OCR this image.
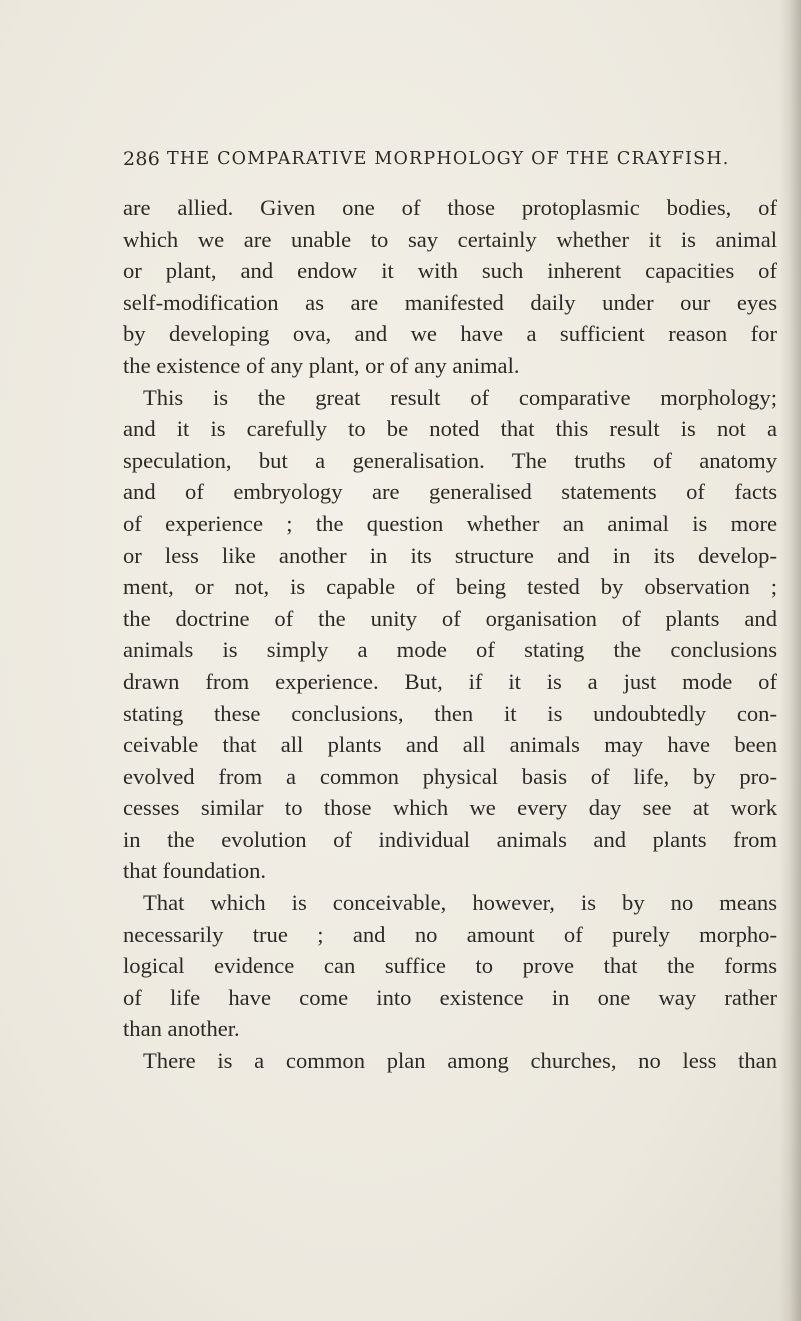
286 THE COMPARATIVE MORPHOLOGY OF THE CRAYFISH.
are allied. Given one of those protoplasmic bodies, of
which we are unable to say certainly whether it is animal
or plant, and endow it with such inherent capacities of
self-modification as are manifested daily under our eyes
by developing ova, and we have a sufficient reason for
the existence of any plant, or of any animal.
This is the great result of comparative morphology;
and it is carefully to be noted that this result is not a
speculation, but a generalisation. The truths of anatomy
and of embryology are generalised statements of facts
of experience ; the question whether an animal is more
or less like another in its structure and in its develop-
ment, or not, is capable of being tested by observation ;
the doctrine of the unity of organisation of plants and
animals is simply a mode of stating the conclusions
drawn from experience. But, if it is a just mode of
stating these conclusions, then it is undoubtedly con-
ceivable that all plants and all animals may have been
evolved from a common physical basis of life, by pro-
cesses similar to those which we every day see at work
in the evolution of individual animals and plants from
that foundation.
That which is conceivable, however, is by no means
necessarily true ; and no amount of purely morpho-
logical evidence can suffice to prove that the forms
of life have come into existence in one way rather
than another.
There is a common plan among churches, no less than
